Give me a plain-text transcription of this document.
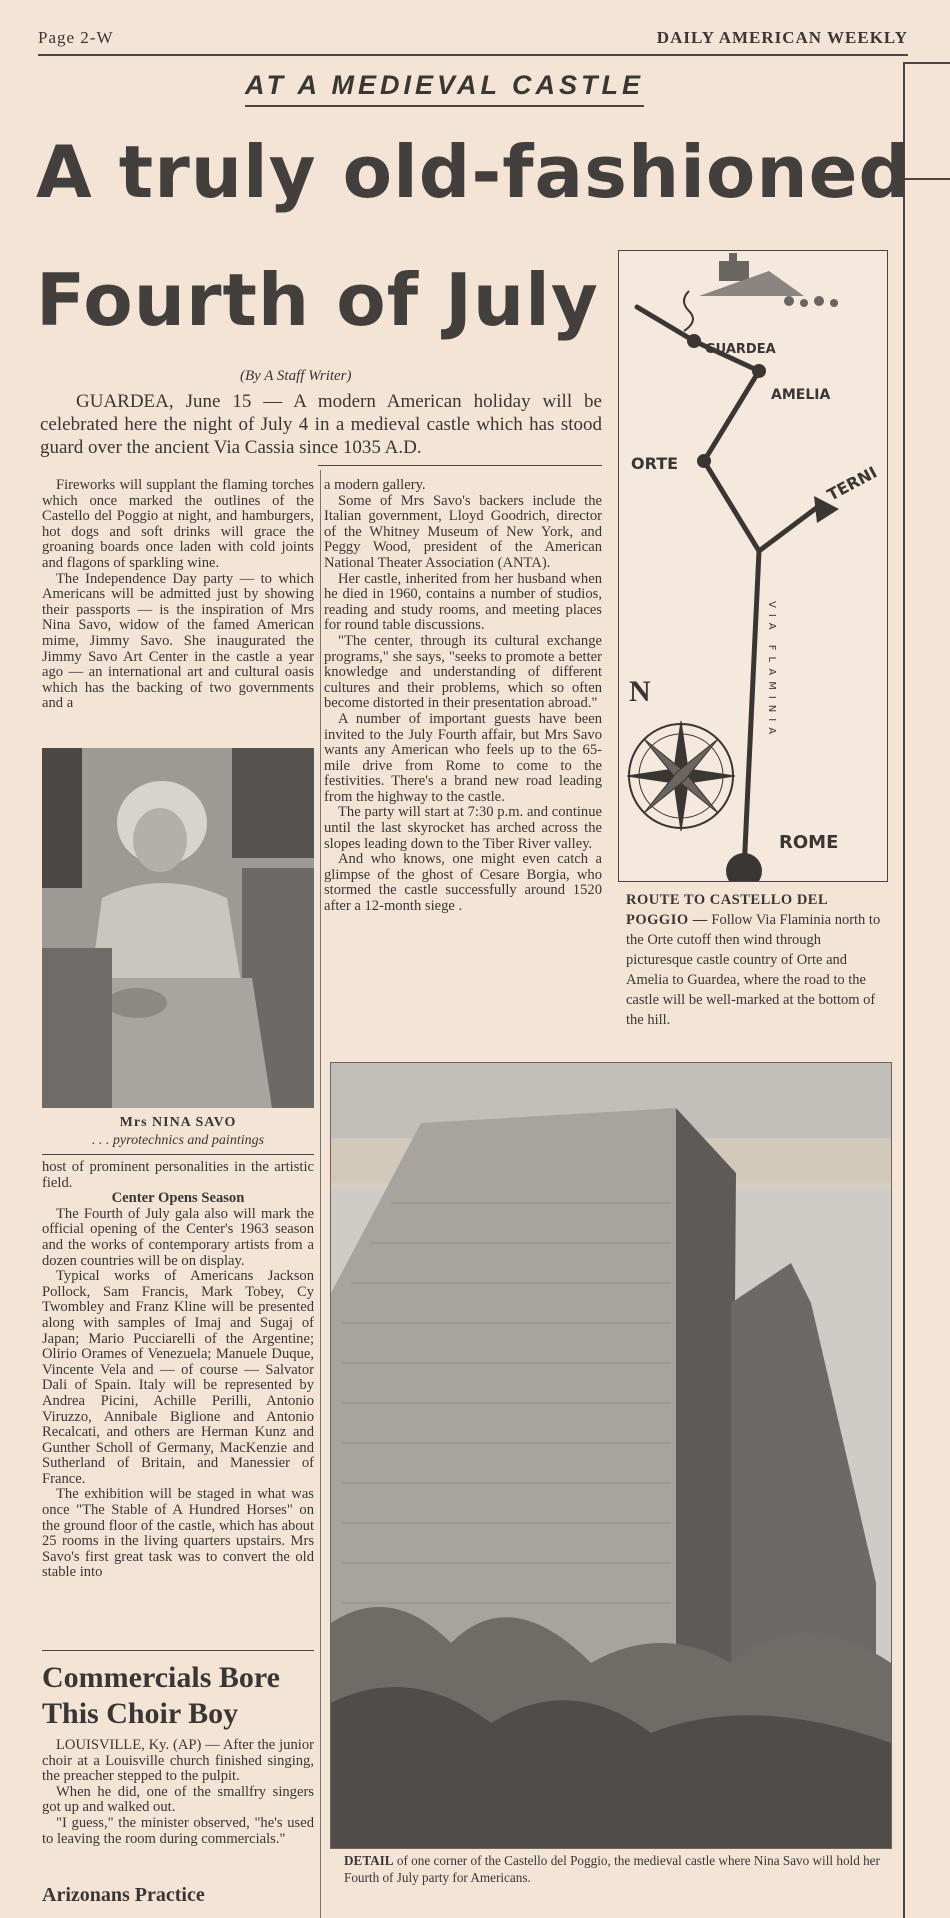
Page 2-W	DAILY AMERICAN WEEKLY
AT A MEDIEVAL CASTLE
A truly old-fashioned
Fourth of July
(By A Staff Writer)
GUARDEA, June 15 — A modern American holiday will be celebrated here the night of July 4 in a medieval castle which has stood guard over the ancient Via Cassia since 1035 A.D.

Fireworks will supplant the flaming torches which once marked the outlines of the Castello del Poggio at night, and hamburgers, hot dogs and soft drinks will grace the groaning boards once laden with cold joints and flagons of sparkling wine.

The Independence Day party — to which Americans will be admitted just by showing their passports — is the inspiration of Mrs Nina Savo, widow of the famed American mime, Jimmy Savo. She inaugurated the Jimmy Savo Art Center in the castle a year ago — an international art and cultural oasis which has the backing of two governments and a

Mrs NINA SAVO
. . . pyrotechnics and paintings

host of prominent personalities in the artistic field.

Center Opens Season

The Fourth of July gala also will mark the official opening of the Center's 1963 season and the works of contemporary artists from a dozen countries will be on display.

Typical works of Americans Jackson Pollock, Sam Francis, Mark Tobey, Cy Twombley and Franz Kline will be presented along with samples of Imaj and Sugaj of Japan; Mario Pucciarelli of the Argentine; Olirio Orames of Venezuela; Manuele Duque, Vincente Vela and — of course — Salvator Dali of Spain. Italy will be represented by Andrea Picini, Achille Perilli, Antonio Viruzzo, Annibale Biglione and Antonio Recalcati, and others are Herman Kunz and Gunther Scholl of Germany, MacKenzie and Sutherland of Britain, and Manessier of France.

The exhibition will be staged in what was once "The Stable of A Hundred Horses" on the ground floor of the castle, which has about 25 rooms in the living quarters upstairs. Mrs Savo's first great task was to convert the old stable into

a modern gallery.

Some of Mrs Savo's backers include the Italian government, Lloyd Goodrich, director of the Whitney Museum of New York, and Peggy Wood, president of the American National Theater Association (ANTA).

Her castle, inherited from her husband when he died in 1960, contains a number of studios, reading and study rooms, and meeting places for round table discussions.

"The center, through its cultural exchange programs," she says, "seeks to promote a better knowledge and understanding of different cultures and their problems, which so often become distorted in their presentation abroad."

A number of important guests have been invited to the July Fourth affair, but Mrs Savo wants any American who feels up to the 65-mile drive from Rome to come to the festivities. There's a brand new road leading from the highway to the castle.

The party will start at 7:30 p.m. and continue until the last skyrocket has arched across the slopes leading down to the Tiber River valley.

And who knows, one might even catch a glimpse of the ghost of Cesare Borgia, who stormed the castle successfully around 1520 after a 12-month siege .

GUARDEA
AMELIA
ORTE	TERNI
ROME
N	VIA FLAMINIA
ROUTE TO CASTELLO DEL POGGIO — Follow Via Flaminia north to the Orte cutoff then wind through picturesque castle country of Orte and Amelia to Guardea, where the road to the castle will be well-marked at the bottom of the hill.
DETAIL of one corner of the Castello del Poggio, the medieval castle where Nina Savo will hold her Fourth of July party for Americans.
Commercials Bore This Choir Boy

LOUISVILLE, Ky. (AP) — After the junior choir at a Louisville church finished singing, the preacher stepped to the pulpit.

When he did, one of the smallfry singers got up and walked out.

"I guess," the minister observed, "he's used to leaving the room during commercials."

Arizonans Practice
